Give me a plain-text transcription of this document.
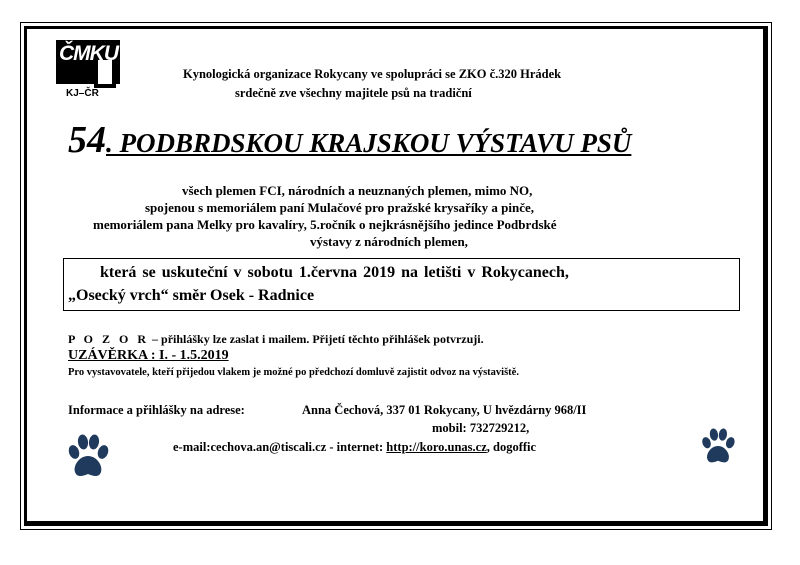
ČMKU
KJ–ČR
Kynologická organizace Rokycany ve spolupráci se ZKO č.320 Hrádek
srdečně zve všechny majitele psů na tradiční
54. PODBRDSKOU KRAJSKOU VÝSTAVU PSŮ
všech plemen FCI, národních a neuznaných plemen, mimo NO,
spojenou s memoriálem paní Mulačové pro pražské krysaříky a pinče,
memoriálem pana Melky pro kavalíry, 5.ročník o nejkrásnějšího jedince Podbrdské
výstavy z národních plemen,
která se uskuteční v sobotu 1.června 2019 na letišti v Rokycanech,
„Osecký vrch“ směr Osek - Radnice
P O Z O R – přihlášky lze zaslat i mailem. Přijetí těchto přihlášek potvrzuji.
UZÁVĚRKA : I. - 1.5.2019
Pro vystavovatele, kteří přijedou vlakem je možné po předchozí domluvě zajistit odvoz na výstaviště.
Informace a přihlášky na adrese:	Anna Čechová, 337 01 Rokycany, U hvězdárny 968/II
mobil: 732729212,
e-mail:cechova.an@tiscali.cz - internet: http://koro.unas.cz, dogoffic
